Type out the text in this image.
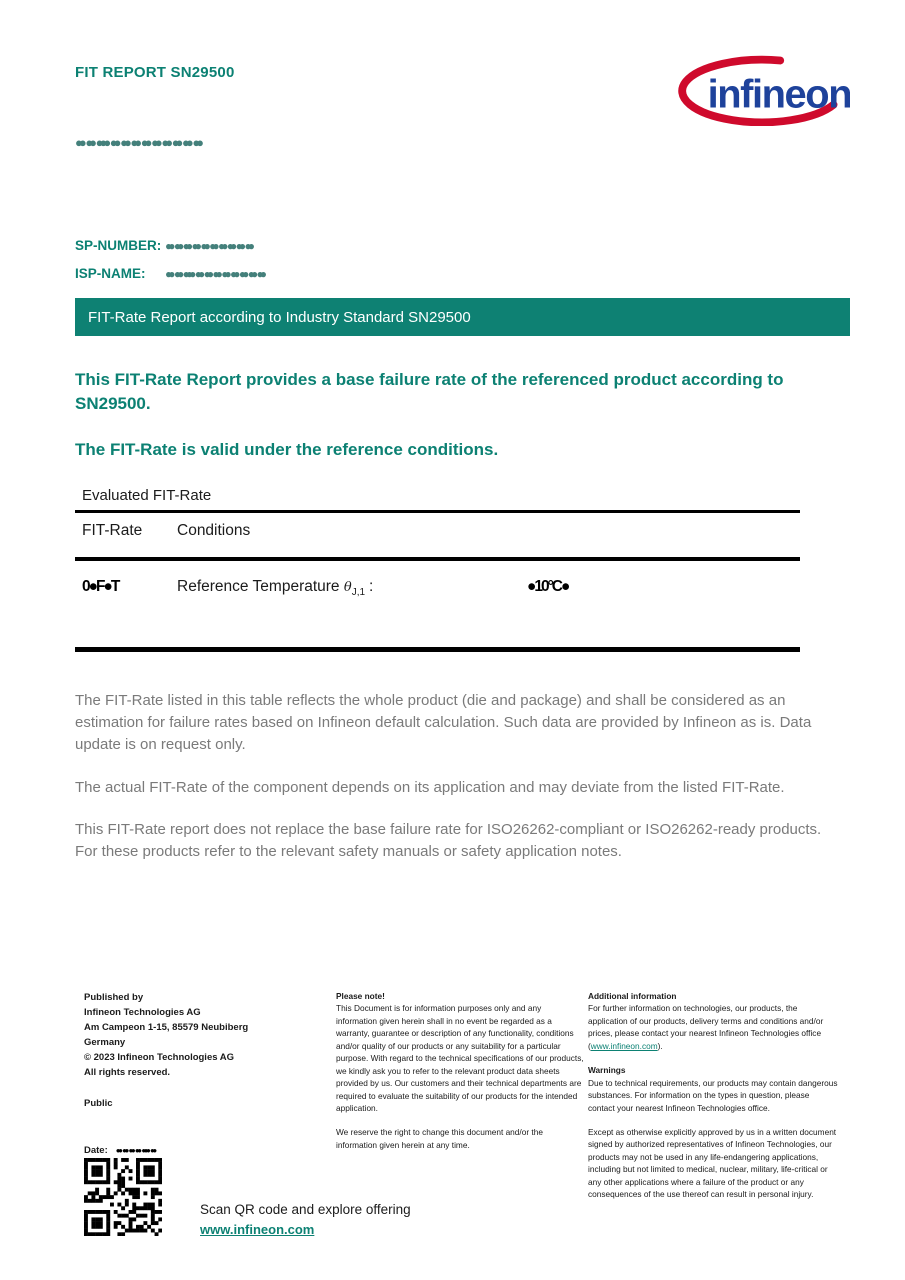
FIT REPORT SN29500	infineon
●● ●● ●●● ●● ●● ●● ●● ●● ●● ●● ●● ●●
SP-NUMBER: ●● ●● ●● ●● ●● ●● ●● ●● ●● ●●
ISP-NAME:	●● ●● ●●● ●● ●● ●● ●● ●● ●● ●● ●●
FIT-Rate Report according to Industry Standard SN29500
This FIT-Rate Report provides a base failure rate of the referenced product according to SN29500.
The FIT-Rate is valid under the reference conditions.
Evaluated FIT-Rate
FIT-Rate	Conditions
0●F●T	Reference Temperature $\theta_{J,1}$ :	●10°C●

The FIT-Rate listed in this table reflects the whole product (die and package) and shall be considered as an estimation for failure rates based on Infineon default calculation. Such data are provided by Infineon as is. Data update is on request only.

The actual FIT-Rate of the component depends on its application and may deviate from the listed FIT-Rate.

This FIT-Rate report does not replace the base failure rate for ISO26262-compliant or ISO26262-ready products. For these products refer to the relevant safety manuals or safety application notes.

Published by
Infineon Technologies AG
Am Campeon 1-15, 85579 Neubiberg
Germany
© 2023 Infineon Technologies AG
All rights reserved.
Public
Please note!
This Document is for information purposes only and any information given herein shall in no event be regarded as a warranty, guarantee or description of any functionality, conditions and/or quality of our products or any suitability for a particular purpose. With regard to the technical specifications of our products, we kindly ask you to refer to the relevant product data sheets provided by us. Our customers and their technical departments are required to evaluate the suitability of our products for the intended application.
We reserve the right to change this document and/or the information given herein at any time.
Additional information
For further information on technologies, our products, the application of our products, delivery terms and conditions and/or prices, please contact your nearest Infineon Technologies office (www.infineon.com).
Warnings
Due to technical requirements, our products may contain dangerous substances. For information on the types in question, please contact your nearest Infineon Technologies office.
Except as otherwise explicitly approved by us in a written document signed by authorized representatives of Infineon Technologies, our products may not be used in any life-endangering applications, including but not limited to medical, nuclear, military, life-critical or any other applications where a failure of the product or any consequences of the use thereof can result in personal injury.
Date: ●● ●● ●● ●● ●●● ●●
Scan QR code and explore offering
www.infineon.com
